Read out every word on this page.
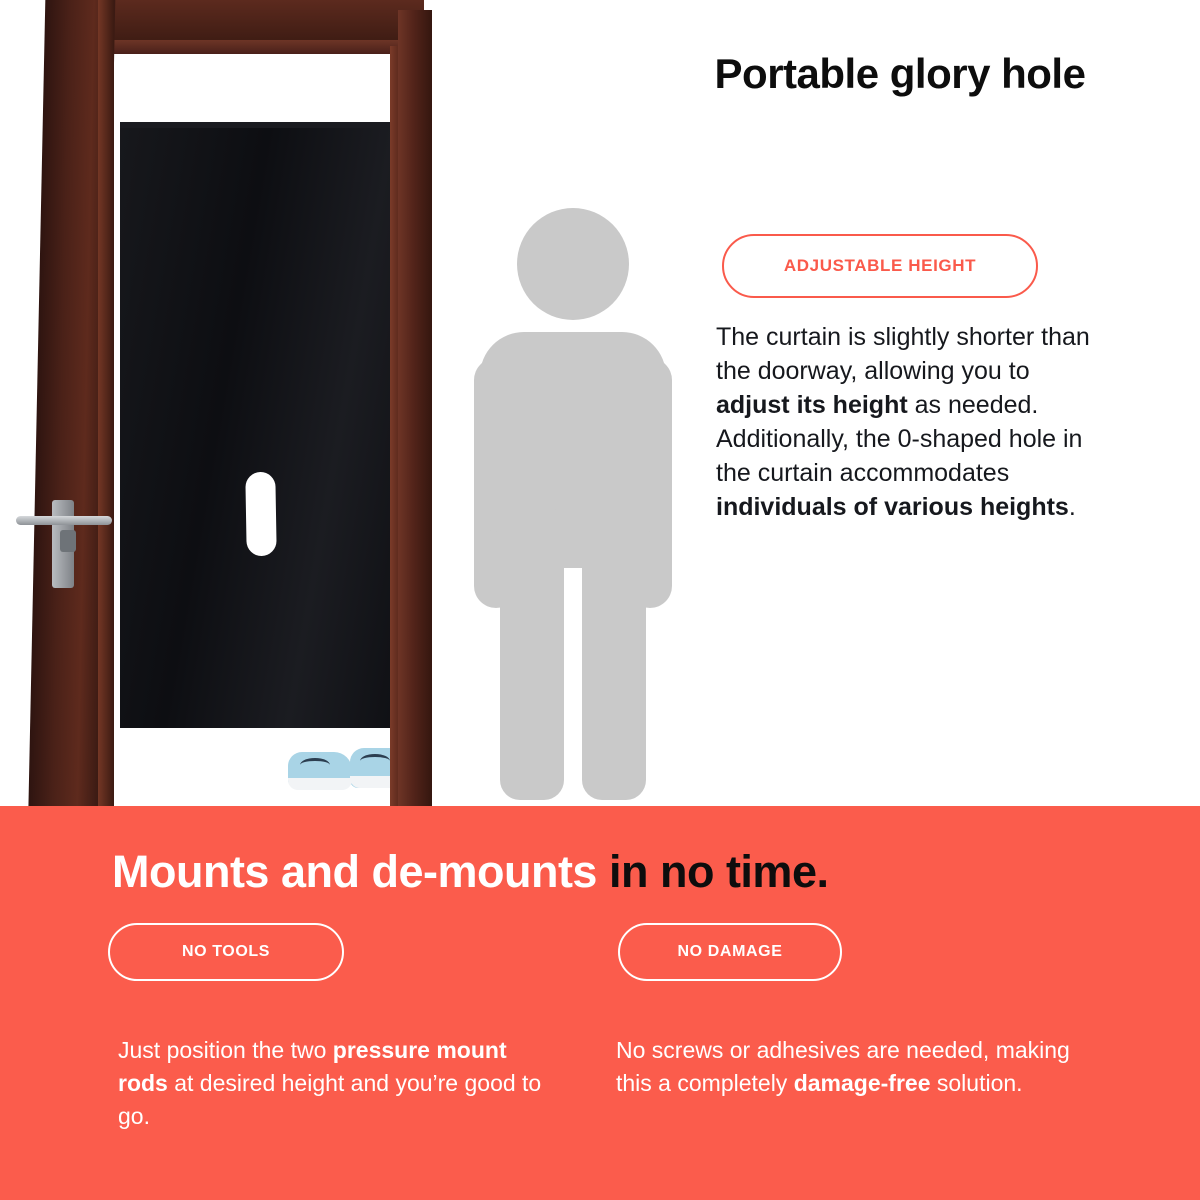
Portable glory hole
ADJUSTABLE HEIGHT

The curtain is slightly shorter than the doorway, allowing you to adjust its height as needed. Additionally, the 0-shaped hole in the curtain accommodates individuals of various heights.

Mounts and de-mounts in no time.
NO TOOLS	NO DAMAGE

Just position the two pressure mount rods at desired height and you’re good to go.

No screws or adhesives are needed, making this a completely damage-free solution.
